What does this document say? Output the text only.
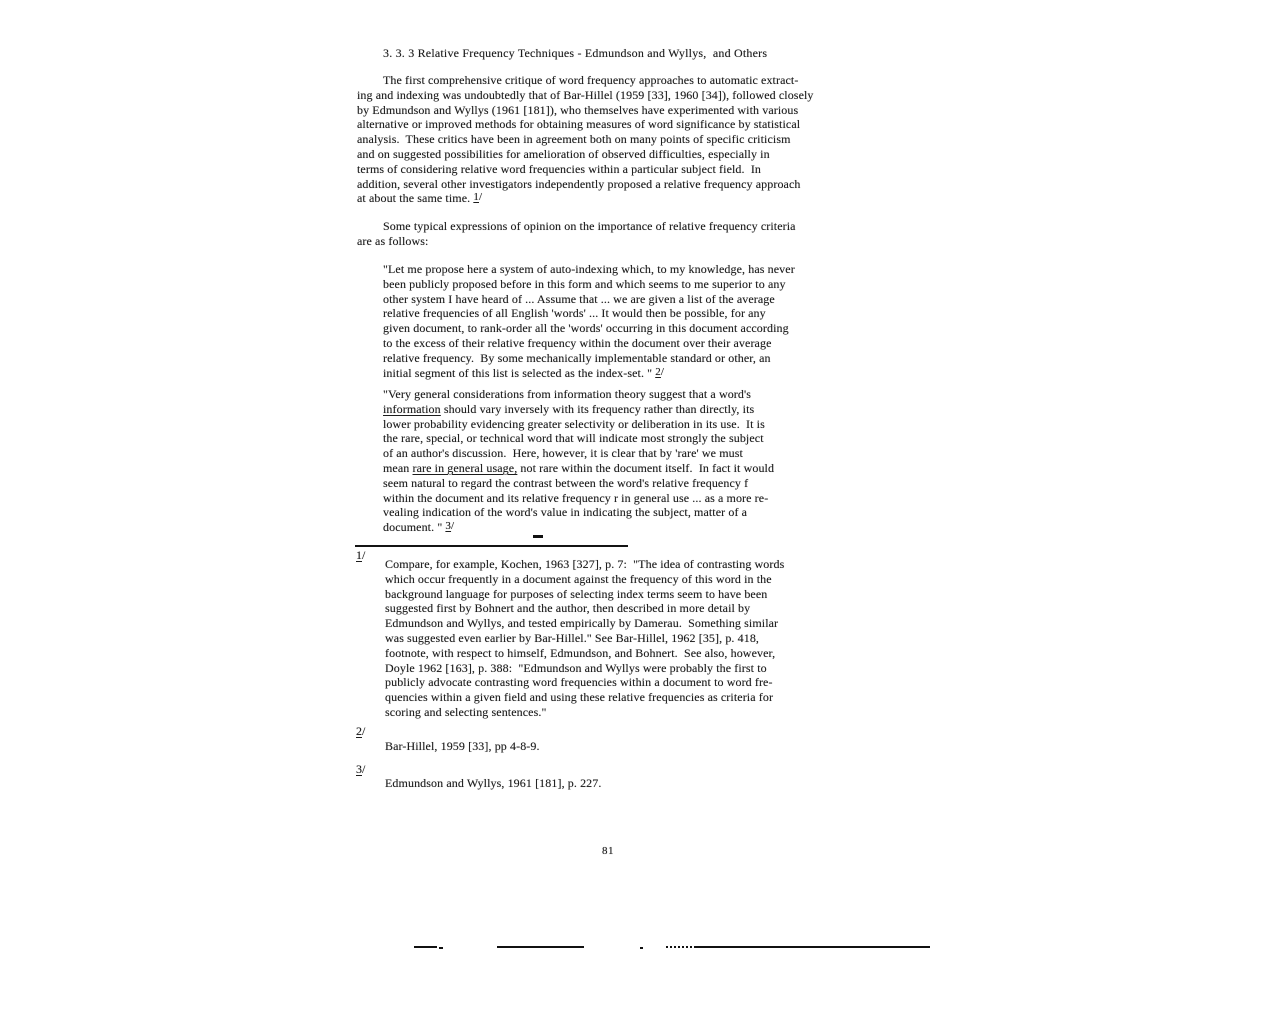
3. 3. 3 Relative Frequency Techniques - Edmundson and Wyllys,  and Others
The first comprehensive critique of word frequency approaches to automatic extract-
ing and indexing was undoubtedly that of Bar-Hillel (1959 [33], 1960 [34]), followed closely
by Edmundson and Wyllys (1961 [181]), who themselves have experimented with various
alternative or improved methods for obtaining measures of word significance by statistical
analysis.  These critics have been in agreement both on many points of specific criticism
and on suggested possibilities for amelioration of observed difficulties, especially in
terms of considering relative word frequencies within a particular subject field.  In
addition, several other investigators independently proposed a relative frequency approach
at about the same time. $^{1/}$
Some typical expressions of opinion on the importance of relative frequency criteria
are as follows:
"Let me propose here a system of auto-indexing which, to my knowledge, has never
been publicly proposed before in this form and which seems to me superior to any
other system I have heard of ... Assume that ... we are given a list of the average
relative frequencies of all English 'words' ... It would then be possible, for any
given document, to rank-order all the 'words' occurring in this document according
to the excess of their relative frequency within the document over their average
relative frequency.  By some mechanically implementable standard or other, an
initial segment of this list is selected as the index-set. " $^{2/}$
"Very general considerations from information theory suggest that a word's
information should vary inversely with its frequency rather than directly, its
lower probability evidencing greater selectivity or deliberation in its use.  It is
the rare, special, or technical word that will indicate most strongly the subject
of an author's discussion.  Here, however, it is clear that by 'rare' we must
mean rare in general usage, not rare within the document itself.  In fact it would
seem natural to regard the contrast between the word's relative frequency f
within the document and its relative frequency r in general use ... as a more re-
vealing indication of the word's value in indicating the subject, matter of a
document. " $^{3/}$
1/
Compare, for example, Kochen, 1963 [327], p. 7:  "The idea of contrasting words
which occur frequently in a document against the frequency of this word in the
background language for purposes of selecting index terms seem to have been
suggested first by Bohnert and the author, then described in more detail by
Edmundson and Wyllys, and tested empirically by Damerau.  Something similar
was suggested even earlier by Bar-Hillel." See Bar-Hillel, 1962 [35], p. 418,
footnote, with respect to himself, Edmundson, and Bohnert.  See also, however,
Doyle 1962 [163], p. 388:  "Edmundson and Wyllys were probably the first to
publicly advocate contrasting word frequencies within a document to word fre-
quencies within a given field and using these relative frequencies as criteria for
scoring and selecting sentences."
2/
Bar-Hillel, 1959 [33], pp 4-8-9.
3/
Edmundson and Wyllys, 1961 [181], p. 227.
81
